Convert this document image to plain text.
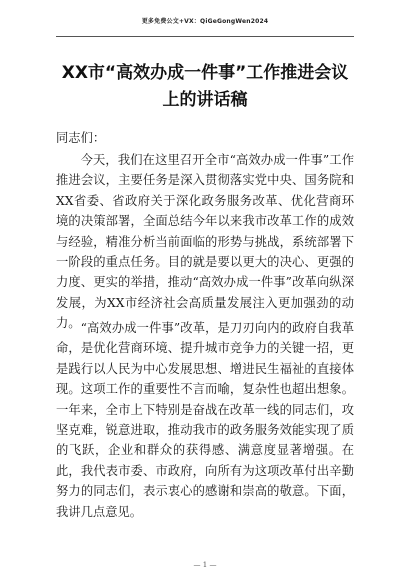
更多免费公文+VX：QiGeGongWen2024
XX市“高效办成一件事”工作推进会议
上的讲话稿
同志们：

今天，我们在这里召开全市“高效办成一件事”工作推进会议，主要任务是深入贯彻落实党中央、国务院和XX省委、省政府关于深化政务服务改革、优化营商环境的决策部署，全面总结今年以来我市改革工作的成效与经验，精准分析当前面临的形势与挑战，系统部署下一阶段的重点任务。目的就是要以更大的决心、更强的力度、更实的举措，推动“高效办成一件事”改革向纵深发展，为XX市经济社会高质量发展注入更加强劲的动力。 “高效办成一件事”改革，是刀刃向内的政府自我革命，是优化营商环境、提升城市竞争力的关键一招，更是践行以人民为中心发展思想、增进民生福祉的直接体现。这项工作的重要性不言而喻，复杂性也超出想象。一年来，全市上下特别是奋战在改革一线的同志们，攻坚克难，锐意进取，推动我市的政务服务效能实现了质的飞跃，企业和群众的获得感、满意度显著增强。在此，我代表市委、市政府，向所有为这项改革付出辛勤努力的同志们，表示衷心的感谢和崇高的敬意。下面，我讲几点意见。

— 1 —
